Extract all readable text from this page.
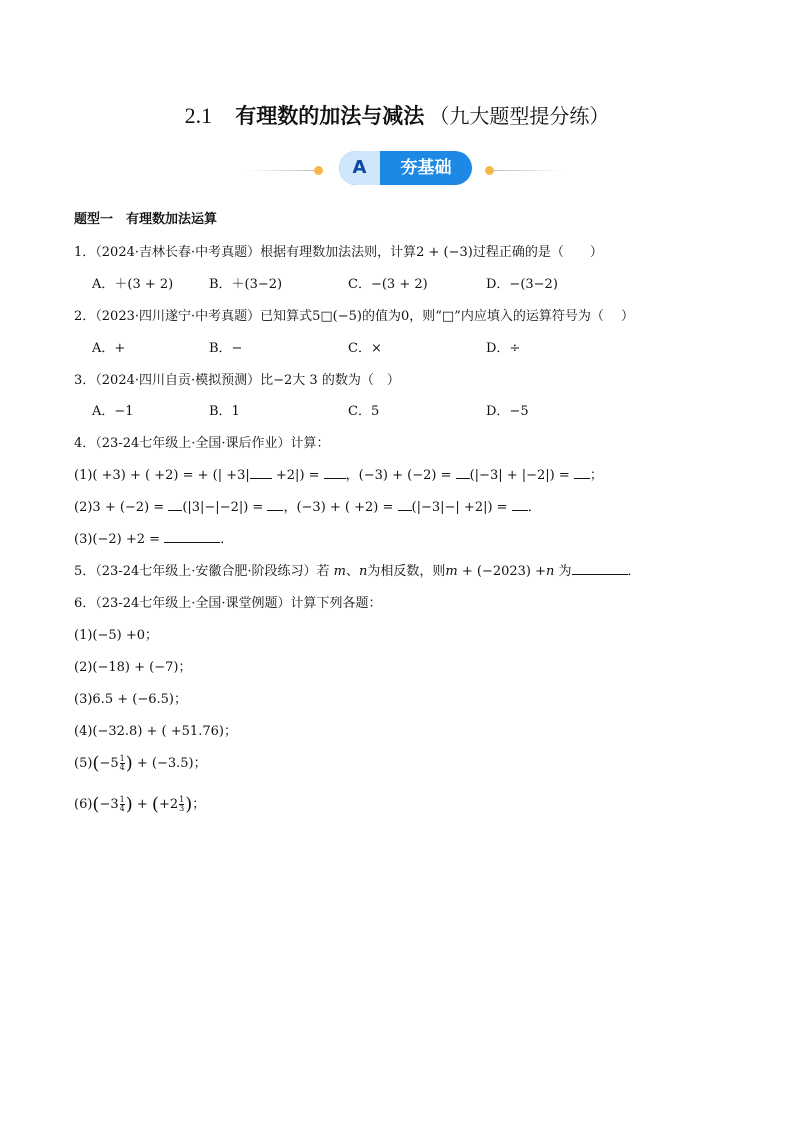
2.1 有理数的加法与减法 （九大题型提分练）
A	夯基础
题型一　有理数加法运算
1．（2024·吉林长春·中考真题）根据有理数加法法则，计算2 + (−3)过程正确的是（　　）
A．＋(3 + 2)	B．＋(3−2)	C．−(3 + 2)	D．−(3−2)
2．（2023·四川遂宁·中考真题）已知算式5□(−5)的值为0，则“□”内应填入的运算符号为（　 ）
A．+	B．−	C．×	D．÷
3．（2024·四川自贡·模拟预测）比−2大 3 的数为（　）
A．−1	B．1	C．5	D．−5
4．（23-24七年级上·全国·课后作业）计算：
(1)( +3) + ( +2) = + (| +3| +2|) = ，(−3) + (−2) = (|−3| + |−2|) = ；
(2)3 + (−2) = (|3|−|−2|) = ，(−3) + ( +2) = (|−3|−| +2|) = ．
(3)(−2) +2 =	．
5．（23-24七年级上·安徽合肥·阶段练习）若 m、n为相反数，则m + (−2023) +n 为	．
6．（23-24七年级上·全国·课堂例题）计算下列各题：
(1)(−5) +0；
(2)(−18) + (−7)；
(3)6.5 + (−6.5)；
(4)(−32.8) + ( +51.76)；
$(5)(-5 \frac{1}{4}$ ) + (−3.5)；
$(6)(-3 \frac{1}{4}$ ) + ($+2 \frac{1}{3}$ )；
